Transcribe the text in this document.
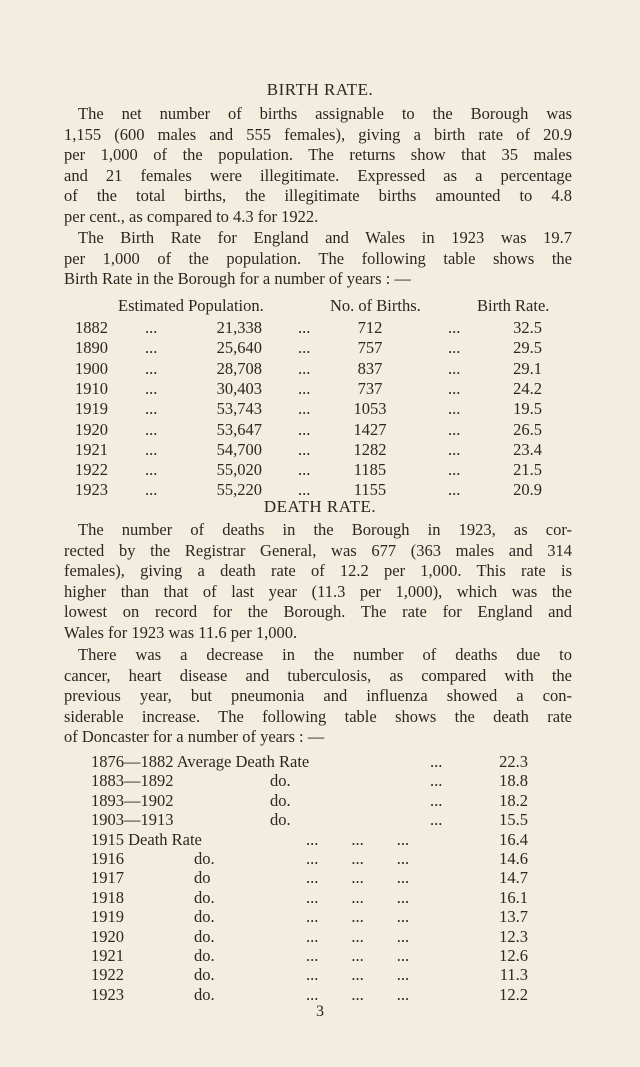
BIRTH RATE.
The net number of births assignable to the Borough was
1,155 (600 males and 555 females), giving a birth rate of 20.9
per 1,000 of the population. The returns show that 35 males
and 21 females were illegitimate. Expressed as a percentage
of the total births, the illegitimate births amounted to 4.8
per cent., as compared to 4.3 for 1922.
The Birth Rate for England and Wales in 1923 was 19.7
per 1,000 of the population. The following table shows the
Birth Rate in the Borough for a number of years : —
Estimated Population.	No. of Births.	Birth Rate.
1882 ...	21,338 ...	712	...	32.5
1890 ...	25,640 ...	757	...	29.5
1900 ...	28,708 ...	837	...	29.1
1910 ...	30,403 ...	737	...	24.2
1919 ...	53,743 ...	1053	...	19.5
1920 ...	53,647 ...	1427	...	26.5
1921 ...	54,700 ...	1282	...	23.4
1922 ...	55,020 ...	1185	...	21.5
1923 ...	55,220 ...	1155	...	20.9
DEATH RATE.
The number of deaths in the Borough in 1923, as cor-
rected by the Registrar General, was 677 (363 males and 314
females), giving a death rate of 12.2 per 1,000. This rate is
higher than that of last year (11.3 per 1,000), which was the
lowest on record for the Borough. The rate for England and
Wales for 1923 was 11.6 per 1,000.
There was a decrease in the number of deaths due to
cancer, heart disease and tuberculosis, as compared with the
previous year, but pneumonia and influenza showed a con-
siderable increase. The following table shows the death rate
of Doncaster for a number of years : —
1876—1882 Average Death Rate	...	22.3
1883—1892	do.	...	18.8
1893—1902	do.	...	18.2
1903—1913	do.	...	15.5
1915 Death Rate	...        ...        ...	16.4
1916	do.	...        ...        ...	14.6
1917	do	...        ...        ...	14.7
1918	do.	...        ...        ...	16.1
1919	do.	...        ...        ...	13.7
1920	do.	...        ...        ...	12.3
1921	do.	...        ...        ...	12.6
1922	do.	...        ...        ...	11.3
1923	do.	...        ...        ...	12.2
3
